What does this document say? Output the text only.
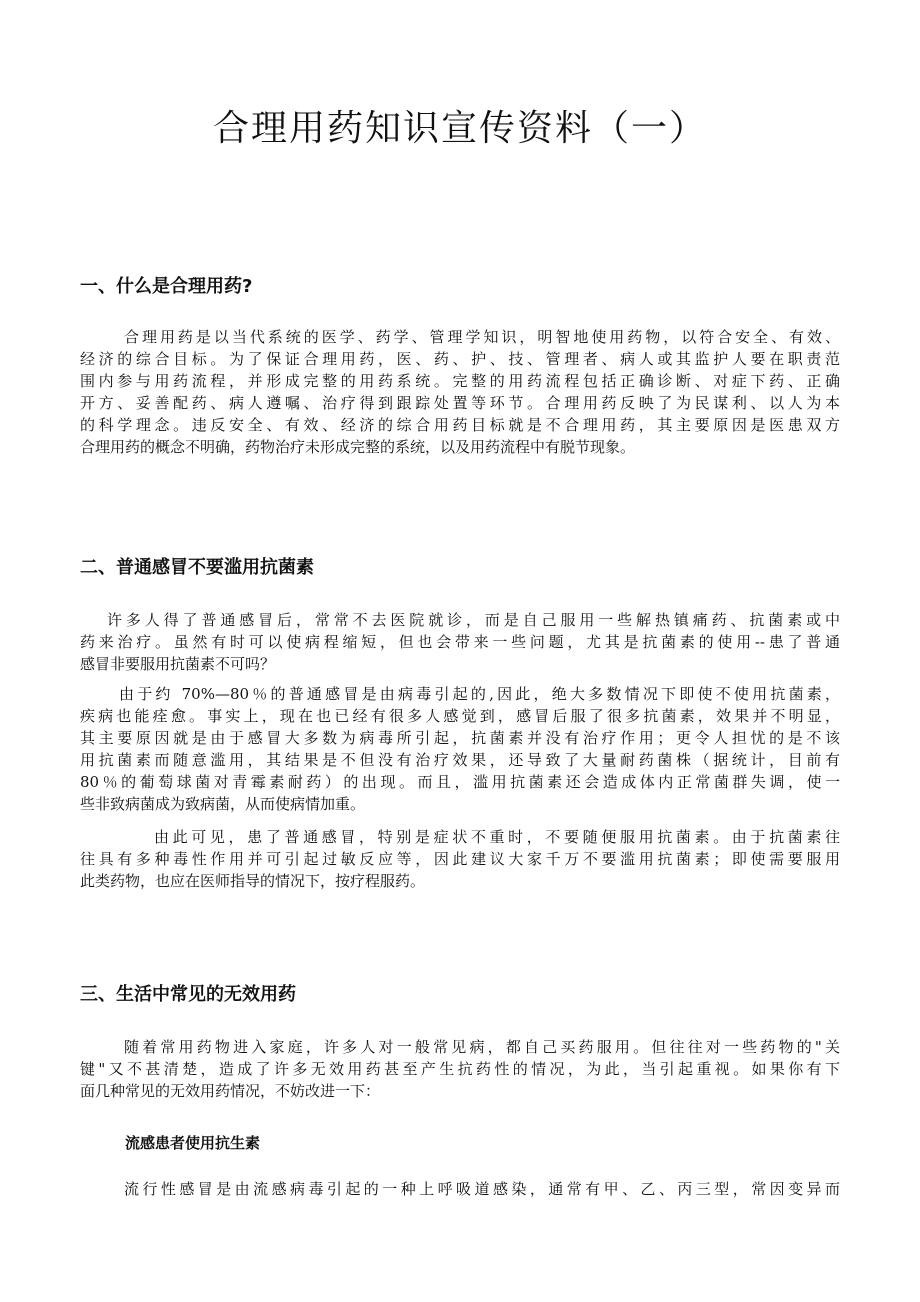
合理用药知识宣传资料（一）
一、什么是合理用药?
合理用药是以当代系统的医学、药学、管理学知识，明智地使用药物，以符合安全、有效、
经济的综合目标。为了保证合理用药，医、药、护、技、管理者、病人或其监护人要在职责范
围内参与用药流程，并形成完整的用药系统。完整的用药流程包括正确诊断、对症下药、正确
开方、妥善配药、病人遵嘱、治疗得到跟踪处置等环节。合理用药反映了为民谋利、以人为本
的科学理念。违反安全、有效、经济的综合用药目标就是不合理用药，其主要原因是医患双方
合理用药的概念不明确，药物治疗未形成完整的系统，以及用药流程中有脱节现象。
二、普通感冒不要滥用抗菌素
许多人得了普通感冒后，常常不去医院就诊，而是自己服用一些解热镇痛药、抗菌素或中
药来治疗。虽然有时可以使病程缩短，但也会带来一些问题，尤其是抗菌素的使用--患了普通
感冒非要服用抗菌素不可吗？
由于约 70%—80％的普通感冒是由病毒引起的,因此，绝大多数情况下即使不使用抗菌素，
疾病也能痊愈。事实上，现在也已经有很多人感觉到，感冒后服了很多抗菌素，效果并不明显，
其主要原因就是由于感冒大多数为病毒所引起，抗菌素并没有治疗作用；更令人担忧的是不该
用抗菌素而随意滥用，其结果是不但没有治疗效果，还导致了大量耐药菌株（据统计，目前有
80％的葡萄球菌对青霉素耐药）的出现。而且，滥用抗菌素还会造成体内正常菌群失调，使一
些非致病菌成为致病菌，从而使病情加重。
由此可见，患了普通感冒，特别是症状不重时，不要随便服用抗菌素。由于抗菌素往
往具有多种毒性作用并可引起过敏反应等，因此建议大家千万不要滥用抗菌素；即使需要服用
此类药物，也应在医师指导的情况下，按疗程服药。
三、生活中常见的无效用药
随着常用药物进入家庭，许多人对一般常见病，都自己买药服用。但往往对一些药物的"关
键"又不甚清楚，造成了许多无效用药甚至产生抗药性的情况，为此，当引起重视。如果你有下
面几种常见的无效用药情况，不妨改进一下：
流感患者使用抗生素
流行性感冒是由流感病毒引起的一种上呼吸道感染，通常有甲、乙、丙三型，常因变异而
